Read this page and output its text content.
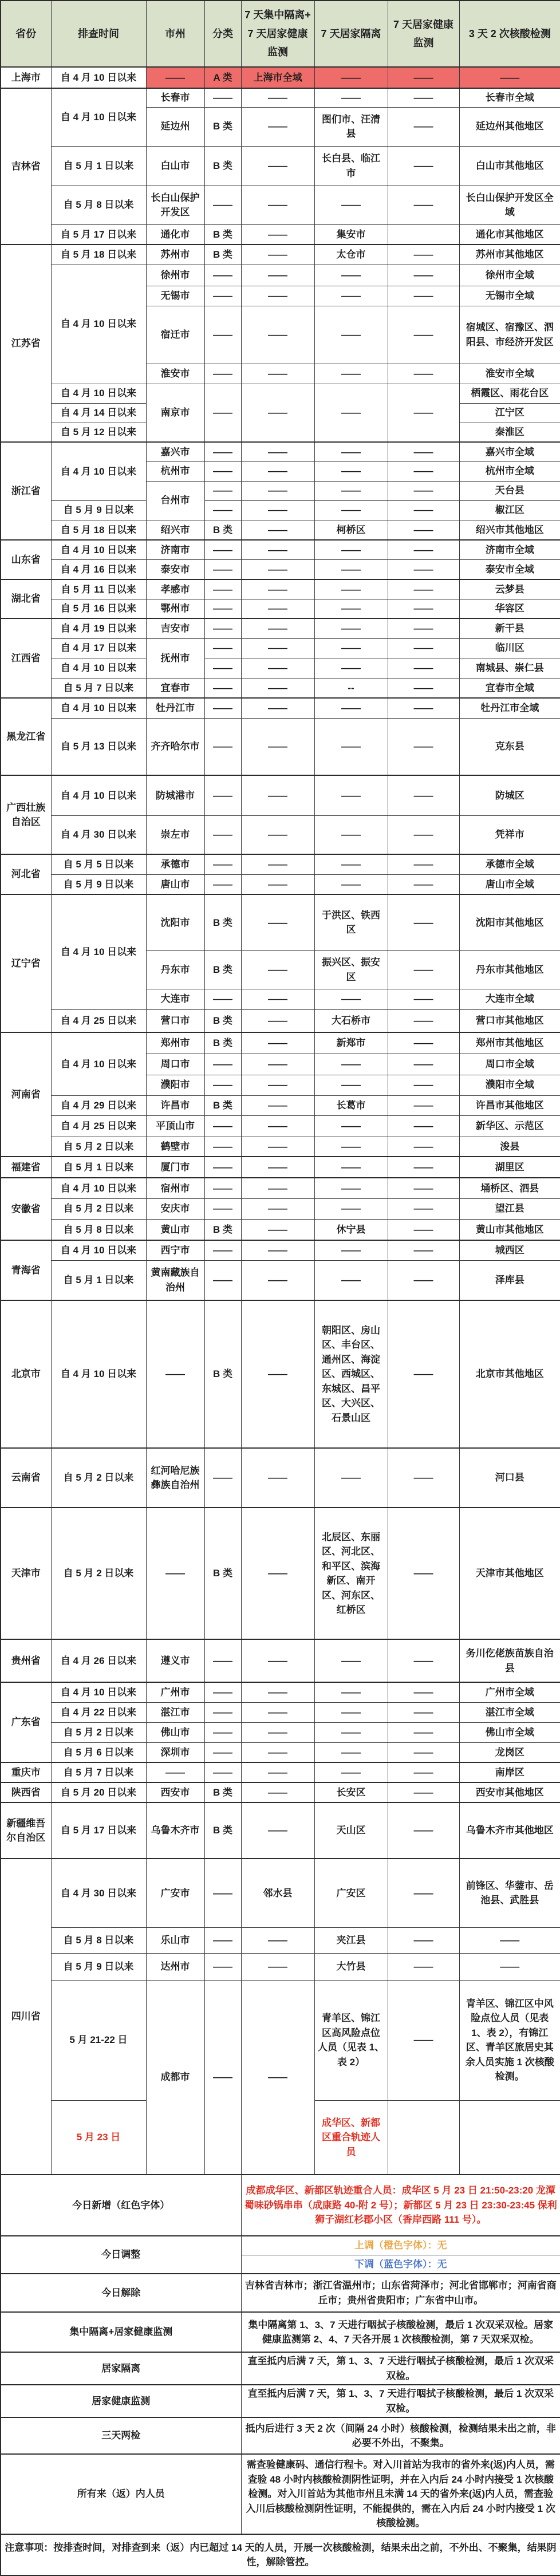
省份	排查时间	市州	分类	7 天集中隔离+7 天居家健康监测	7 天居家隔离	7 天居家健康监测	3 天 2 次核酸检测
上海市	自 4 月 10 日以来	——	A 类	上海市全域	——	——	——
吉林省	自 4 月 10 日以来	长春市	——	——	——	——	长春市全域
		延边州	B 类	——	图们市、汪清县	——	延边州其他地区
	自 5 月 1 日以来	白山市	B 类	——	长白县、临江市	——	白山市其他地区
	自 5 月 8 日以来	长白山保护开发区	——	——	——	——	长白山保护开发区全域
	自 5 月 17 日以来	通化市	B 类	——	集安市		通化市其他地区
江苏省	自 5 月 18 日以来	苏州市	B 类	——	太仓市	——	苏州市其他地区
	自 4 月 10 日以来	徐州市	——	——	——	——	徐州市全域
		无锡市	——	——	——	——	无锡市全域
		宿迁市	——	——	——	——	宿城区、宿豫区、泗阳县、市经济开发区
		淮安市	——	——	——	——	淮安市全域
	自 4 月 10 日以来	南京市	——	——	——	——	栖霞区、雨花台区
	自 4 月 14 日以来						江宁区
	自 5 月 12 日以来						秦淮区
浙江省	自 4 月 10 日以来	嘉兴市	——	——	——	——	嘉兴市全域
		杭州市	——	——	——	——	杭州市全域
		台州市	——	——	——	——	天台县
	自 5 月 9 日以来		——	——	——	——	椒江区
	自 5 月 18 日以来	绍兴市	B 类	——	柯桥区	——	绍兴市其他地区
山东省	自 4 月 10 日以来	济南市	——	——	——	——	济南市全域
	自 4 月 16 日以来	泰安市	——	——	——	——	泰安市全域
湖北省	自 5 月 11 日以来	孝感市	——	——	——	——	云梦县
	自 5 月 16 日以来	鄂州市	——	——	——	——	华容区
江西省	自 4 月 19 日以来	吉安市	——	——	——	——	新干县
	自 4 月 17 日以来	抚州市	——	——	——	——	临川区
	自 4 月 10 日以来		——	——	——	——	南城县、崇仁县
	自 5 月 7 日以来	宜春市	——	——	--	——	宜春市全域
黑龙江省	自 4 月 10 日以来	牡丹江市	——	——	——	——	牡丹江市全域
	自 5 月 13 日以来	齐齐哈尔市	——	——	——	——	克东县
广西壮族自治区	自 4 月 10 日以来	防城港市	——	——	——	——	防城区
	自 4 月 30 日以来	崇左市	——	——	——	——	凭祥市
河北省	自 5 月 5 日以来	承德市	——	——	——	——	承德市全域
	自 5 月 9 日以来	唐山市	——	——	——	——	唐山市全域
辽宁省	自 4 月 10 日以来	沈阳市	B 类	——	于洪区、铁西区	——	沈阳市其他地区
		丹东市	B 类	——	振兴区、振安区	——	丹东市其他地区
		大连市	——	——	——	——	大连市全域
	自 4 月 25 日以来	营口市	B 类	——	大石桥市	——	营口市其他地区
河南省	自 4 月 10 日以来	郑州市	B 类	——	新郑市	——	郑州市其他地区
		周口市	——	——	——	——	周口市全域
		濮阳市	——	——	——	——	濮阳市全域
	自 4 月 29 日以来	许昌市	B 类	——	长葛市	——	许昌市其他地区
	自 4 月 25 日以来	平顶山市	——	——	——	——	新华区、示范区
	自 5 月 2 日以来	鹤壁市	——	——	——	——	浚县
福建省	自 5 月 1 日以来	厦门市	——	——	——	——	湖里区
安徽省	自 4 月 10 日以来	宿州市	——	——	——	——	埇桥区、泗县
	自 5 月 2 日以来	安庆市	——	——	——	——	望江县
	自 5 月 8 日以来	黄山市	B 类	——	休宁县	——	黄山市其他地区
青海省	自 4 月 10 日以来	西宁市	——	——	——	——	城西区
	自 5 月 1 日以来	黄南藏族自治州	——	——	——	——	泽库县
北京市	自 4 月 10 日以来	——	B 类	——	朝阳区、房山区、丰台区、通州区、海淀区、西城区、东城区、昌平区、大兴区、石景山区	——	北京市其他地区
云南省	自 5 月 2 日以来	红河哈尼族彝族自治州	——	——	——	——	河口县
天津市	自 5 月 2 日以来	——	B 类	——	北辰区、东丽区、河北区、和平区、滨海新区、南开区、河东区、红桥区	——	天津市其他地区
贵州省	自 4 月 26 日以来	遵义市	——	——	——	——	务川仡佬族苗族自治县
广东省	自 4 月 10 日以来	广州市	——	——	——	——	广州市全域
	自 4 月 22 日以来	湛江市	——	——	——	——	湛江市全域
	自 5 月 2 日以来	佛山市	——	——	——	——	佛山市全域
	自 5 月 6 日以来	深圳市	——	——	——	——	龙岗区
重庆市	自 5 月 7 日以来	——	——	——	——	——	南岸区
陕西省	自 5 月 20 日以来	西安市	B 类	——	长安区	——	西安市其他地区
新疆维吾尔自治区	自 5 月 17 日以来	乌鲁木齐市	B 类	——	天山区	——	乌鲁木齐市其他地区
四川省	自 4 月 30 日以来	广安市	——	邻水县	广安区	——	前锋区、华蓥市、岳池县、武胜县
	自 5 月 8 日以来	乐山市	——	——	夹江县	——	——
	自 5 月 9 日以来	达州市	——	——	大竹县	——	——
	5 月 21-22 日	成都市	——	——	青羊区、锦江区高风险点位人员（见表 1、表 2）	——	青羊区、锦江区中风险点位人员（见表 1、表 2），有锦江区、青羊区旅居史其余人员实施 1 次核酸检测。
	5 月 23 日				成华区、新都区重合轨迹人员		
今日新增（红色字体）				成都成华区、新都区轨迹重合人员：成华区 5 月 23 日 21:50-23:20 龙潭蜀味砂锅串串（成康路 40-附 2 号）；新都区 5 月 23 日 23:30-23:45 保利狮子湖红杉郡小区（香岸西路 111 号）。			
今日调整				上调（橙色字体）：无			
				下调（蓝色字体）：无			
今日解除				吉林省吉林市；浙江省温州市；山东省菏泽市；河北省邯郸市；河南省商丘市；贵州省贵阳市；广东省中山市。			
集中隔离+居家健康监测				集中隔离第 1、3、7 天进行咽拭子核酸检测，最后 1 次双采双检。居家健康监测第 2、4、7 天各开展 1 次核酸检测，第 7 天双采双检。			
居家隔离				直至抵内后满 7 天，第 1、3、7 天进行咽拭子核酸检测，最后 1 次双采双检。			
居家健康监测				直至抵内后满 7 天，第 1、3、7 天进行咽拭子核酸检测，最后 1 次双采双检。			
三天两检				抵内后进行 3 天 2 次（间隔 24 小时）核酸检测，检测结果未出之前，非必要不外出，不聚集。			
所有来（返）内人员				需查验健康码、通信行程卡。对入川首站为我市的省外来(返)内人员，需查验 48 小时内核酸检测阴性证明，并在入内后 24 小时内接受 1 次核酸检测。对入川首站为其他市州且未满 14 天的省外来(返)内人员，需查验入川后核酸检测阴性证明，不能提供的，需在入内后 24 小时内接受 1 次核酸检测。			
注意事项：按排查时间，对排查到来（返）内已超过 14 天的人员，开展一次核酸检测，结果未出之前，不外出、不聚集，结果阴性，解除管控。							
